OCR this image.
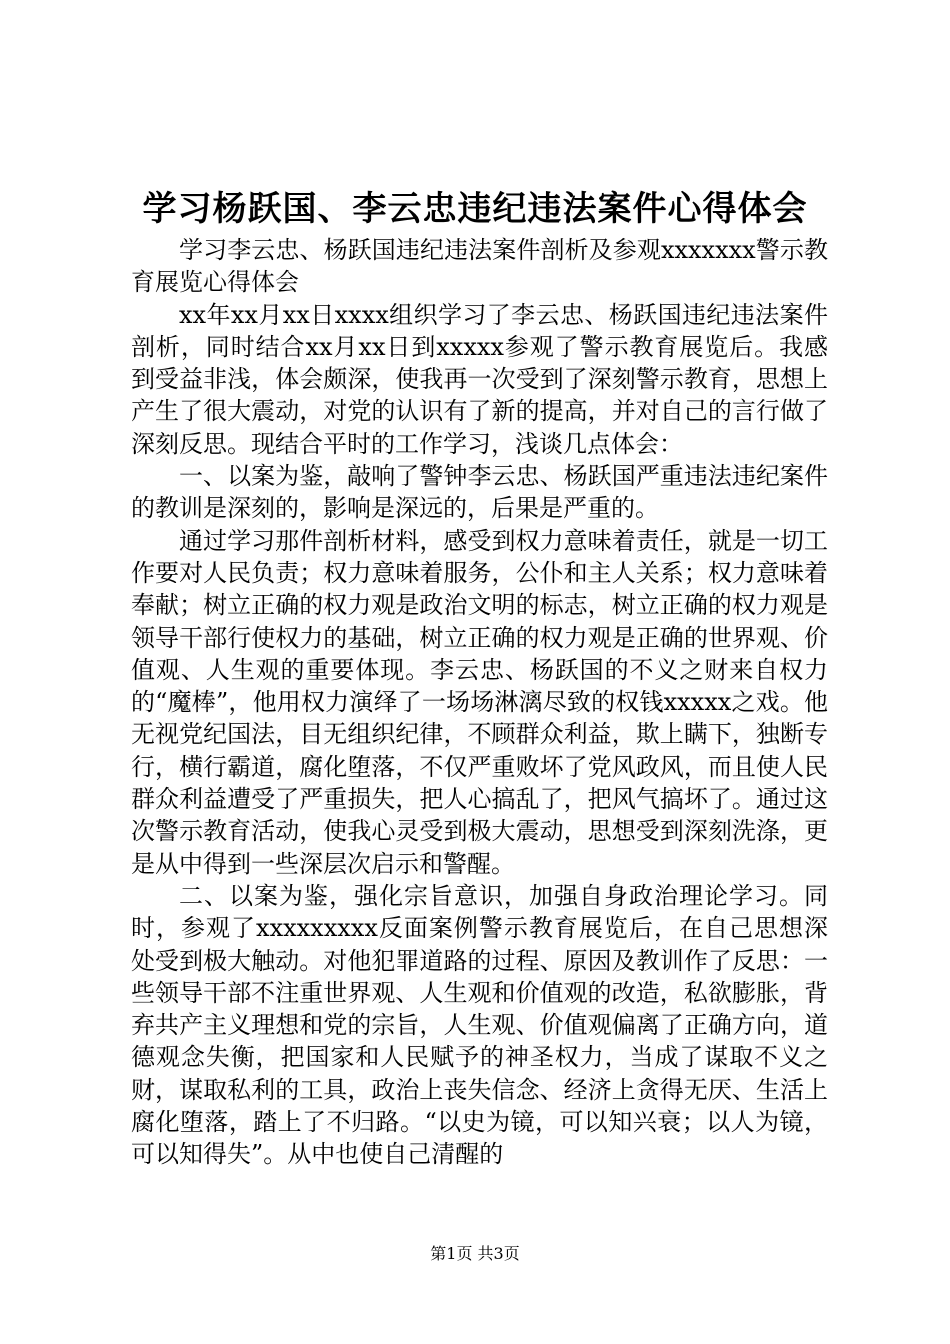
学习杨跃国、李云忠违纪违法案件心得体会

学习李云忠、杨跃国违纪违法案件剖析及参观xxxxxxx警示教育展览心得体会

xx年xx月xx日xxxx组织学习了李云忠、杨跃国违纪违法案件剖析，同时结合xx月xx日到xxxxx参观了警示教育展览后。我感到受益非浅，体会颇深，使我再一次受到了深刻警示教育，思想上产生了很大震动，对党的认识有了新的提高，并对自己的言行做了深刻反思。现结合平时的工作学习，浅谈几点体会：

一、以案为鉴，敲响了警钟李云忠、杨跃国严重违法违纪案件的教训是深刻的，影响是深远的，后果是严重的。

通过学习那件剖析材料，感受到权力意味着责任，就是一切工作要对人民负责；权力意味着服务，公仆和主人关系；权力意味着奉献；树立正确的权力观是政治文明的标志，树立正确的权力观是领导干部行使权力的基础，树立正确的权力观是正确的世界观、价值观、人生观的重要体现。李云忠、杨跃国的不义之财来自权力的“魔棒”，他用权力演绎了一场场淋漓尽致的权钱xxxxx之戏。他无视党纪国法，目无组织纪律，不顾群众利益，欺上瞒下，独断专行，横行霸道，腐化堕落，不仅严重败坏了党风政风，而且使人民群众利益遭受了严重损失，把人心搞乱了，把风气搞坏了。通过这次警示教育活动，使我心灵受到极大震动，思想受到深刻洗涤，更是从中得到一些深层次启示和警醒。

二、以案为鉴，强化宗旨意识，加强自身政治理论学习。同时，参观了xxxxxxxxx反面案例警示教育展览后，在自己思想深处受到极大触动。对他犯罪道路的过程、原因及教训作了反思：一些领导干部不注重世界观、人生观和价值观的改造，私欲膨胀，背弃共产主义理想和党的宗旨，人生观、价值观偏离了正确方向，道德观念失衡，把国家和人民赋予的神圣权力，当成了谋取不义之财，谋取私利的工具，政治上丧失信念、经济上贪得无厌、生活上腐化堕落，踏上了不归路。“以史为镜，可以知兴衰；以人为镜，可以知得失”。从中也使自己清醒的

第1页 共3页
